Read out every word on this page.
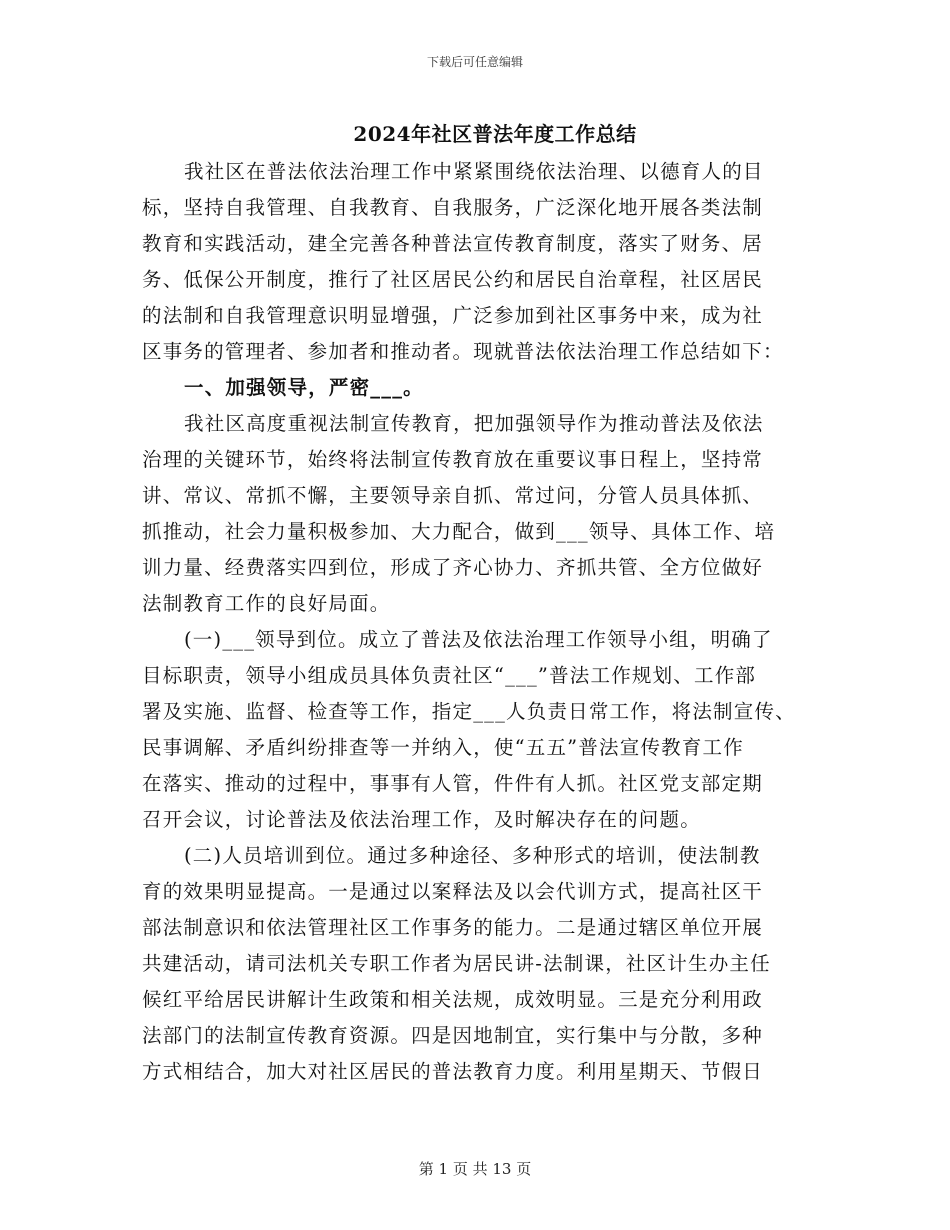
下载后可任意编辑
2024年社区普法年度工作总结
我社区在普法依法治理工作中紧紧围绕依法治理、以德育人的目
标，坚持自我管理、自我教育、自我服务，广泛深化地开展各类法制
教育和实践活动，建全完善各种普法宣传教育制度，落实了财务、居
务、低保公开制度，推行了社区居民公约和居民自治章程，社区居民
的法制和自我管理意识明显增强，广泛参加到社区事务中来，成为社
区事务的管理者、参加者和推动者。现就普法依法治理工作总结如下：
一、加强领导，严密___。
我社区高度重视法制宣传教育，把加强领导作为推动普法及依法
治理的关键环节，始终将法制宣传教育放在重要议事日程上，坚持常
讲、常议、常抓不懈，主要领导亲自抓、常过问，分管人员具体抓、
抓推动，社会力量积极参加、大力配合，做到___领导、具体工作、培
训力量、经费落实四到位，形成了齐心协力、齐抓共管、全方位做好
法制教育工作的良好局面。
(一)___领导到位。成立了普法及依法治理工作领导小组，明确了
目标职责，领导小组成员具体负责社区“___”普法工作规划、工作部
署及实施、监督、检查等工作，指定___人负责日常工作，将法制宣传、
民事调解、矛盾纠纷排查等一并纳入，使“五五”普法宣传教育工作
在落实、推动的过程中，事事有人管，件件有人抓。社区党支部定期
召开会议，讨论普法及依法治理工作，及时解决存在的问题。
(二)人员培训到位。通过多种途径、多种形式的培训，使法制教
育的效果明显提高。一是通过以案释法及以会代训方式，提高社区干
部法制意识和依法管理社区工作事务的能力。二是通过辖区单位开展
共建活动，请司法机关专职工作者为居民讲-法制课，社区计生办主任
候红平给居民讲解计生政策和相关法规，成效明显。三是充分利用政
法部门的法制宣传教育资源。四是因地制宜，实行集中与分散，多种
方式相结合，加大对社区居民的普法教育力度。利用星期天、节假日
第 1 页 共 13 页
